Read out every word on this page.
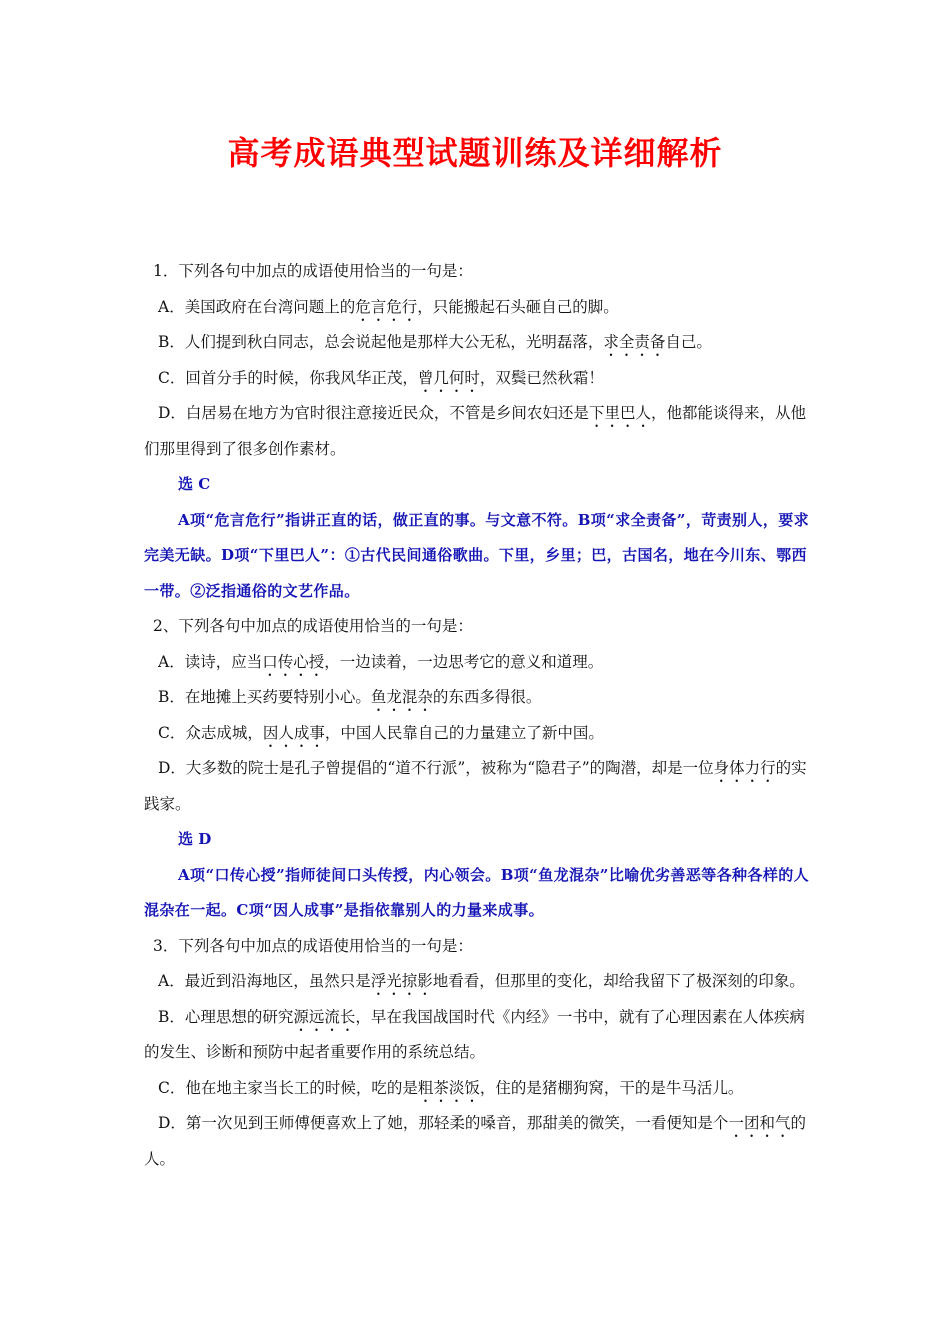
高考成语典型试题训练及详细解析

1．下列各句中加点的成语使用恰当的一句是：

A．美国政府在台湾问题上的危言危行，只能搬起石头砸自己的脚。

B．人们提到秋白同志，总会说起他是那样大公无私，光明磊落，求全责备自己。

C．回首分手的时候，你我风华正茂，曾几何时，双鬓已然秋霜！

D．白居易在地方为官时很注意接近民众，不管是乡间农妇还是下里巴人，他都能谈得来，从他们那里得到了很多创作素材。

选 C

A项“危言危行”指讲正直的话，做正直的事。与文意不符。B项“求全责备”，苛责别人，要求完美无缺。D项“下里巴人”：①古代民间通俗歌曲。下里，乡里；巴，古国名，地在今川东、鄂西一带。②泛指通俗的文艺作品。

2、下列各句中加点的成语使用恰当的一句是：

A．读诗，应当口传心授，一边读着，一边思考它的意义和道理。

B．在地摊上买药要特别小心。鱼龙混杂的东西多得很。

C．众志成城，因人成事，中国人民靠自己的力量建立了新中国。

D．大多数的院士是孔子曾提倡的“道不行派”，被称为“隐君子”的陶潜，却是一位身体力行的实践家。

选 D

A项“口传心授”指师徒间口头传授，内心领会。B项“鱼龙混杂”比喻优劣善恶等各种各样的人混杂在一起。C项“因人成事”是指依靠别人的力量来成事。

3．下列各句中加点的成语使用恰当的一句是：

A．最近到沿海地区，虽然只是浮光掠影地看看，但那里的变化，却给我留下了极深刻的印象。

B．心理思想的研究源远流长，早在我国战国时代《内经》一书中，就有了心理因素在人体疾病的发生、诊断和预防中起者重要作用的系统总结。

C．他在地主家当长工的时候，吃的是粗茶淡饭，住的是猪棚狗窝，干的是牛马活儿。

D．第一次见到王师傅便喜欢上了她，那轻柔的嗓音，那甜美的微笑，一看便知是个一团和气的人。
